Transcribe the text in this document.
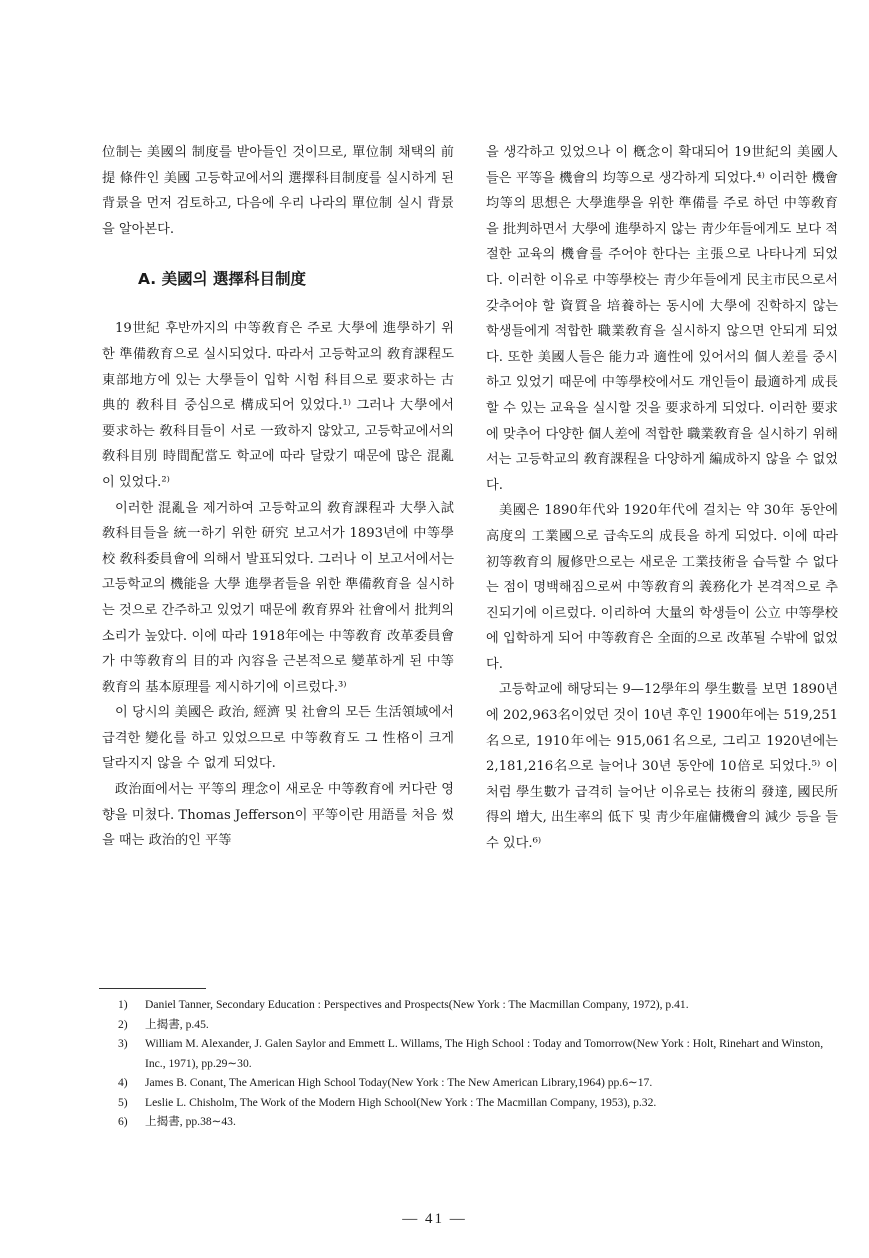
位制는 美國의 制度를 받아들인 것이므로, 單位制 채택의 前提 條件인 美國 고등학교에서의 選擇科目制度를 실시하게 된 背景을 먼저 검토하고, 다음에 우리 나라의 單位制 실시 背景을 알아본다.

A. 美國의 選擇科目制度

19世紀 후반까지의 中等敎育은 주로 大學에 進學하기 위한 準備敎育으로 실시되었다. 따라서 고등학교의 敎育課程도 東部地方에 있는 大學들이 입학 시험 科目으로 要求하는 古典的 敎科目 중심으로 構成되어 있었다.¹⁾ 그러나 大學에서 要求하는 敎科目들이 서로 一致하지 않았고, 고등학교에서의 敎科目別 時間配當도 학교에 따라 달랐기 때문에 많은 混亂이 있었다.²⁾

이러한 混亂을 제거하여 고등학교의 敎育課程과 大學入試 敎科目들을 統一하기 위한 研究 보고서가 1893년에 中等學校 敎科委員會에 의해서 발표되었다. 그러나 이 보고서에서는 고등학교의 機能을 大學 進學者들을 위한 準備敎育을 실시하는 것으로 간주하고 있었기 때문에 敎育界와 社會에서 批判의 소리가 높았다. 이에 따라 1918年에는 中等敎育 改革委員會가 中等敎育의 目的과 內容을 근본적으로 變革하게 된 中等敎育의 基本原理를 제시하기에 이르렀다.³⁾

이 당시의 美國은 政治, 經濟 및 社會의 모든 生活領域에서 급격한 變化를 하고 있었으므로 中等敎育도 그 性格이 크게 달라지지 않을 수 없게 되었다.

政治面에서는 平等의 理念이 새로운 中等敎育에 커다란 영향을 미쳤다. Thomas Jefferson이 平等이란 用語를 처음 썼을 때는 政治的인 平等

을 생각하고 있었으나 이 槪念이 확대되어 19世紀의 美國人들은 平等을 機會의 均等으로 생각하게 되었다.⁴⁾ 이러한 機會均等의 思想은 大學進學을 위한 準備를 주로 하던 中等敎育을 批判하면서 大學에 進學하지 않는 靑少年들에게도 보다 적절한 교육의 機會를 주어야 한다는 主張으로 나타나게 되었다. 이러한 이유로 中等學校는 靑少年들에게 民主市民으로서 갖추어야 할 資質을 培養하는 동시에 大學에 진학하지 않는 학생들에게 적합한 職業敎育을 실시하지 않으면 안되게 되었다. 또한 美國人들은 能力과 適性에 있어서의 個人差를 중시하고 있었기 때문에 中等學校에서도 개인들이 最適하게 成長할 수 있는 교육을 실시할 것을 要求하게 되었다. 이러한 要求에 맞추어 다양한 個人差에 적합한 職業敎育을 실시하기 위해서는 고등학교의 敎育課程을 다양하게 編成하지 않을 수 없었다.

美國은 1890年代와 1920年代에 걸치는 약 30年 동안에 高度의 工業國으로 급속도의 成長을 하게 되었다. 이에 따라 初等敎育의 履修만으로는 새로운 工業技術을 습득할 수 없다는 점이 명백해짐으로써 中等敎育의 義務化가 본격적으로 추진되기에 이르렀다. 이리하여 大量의 학생들이 公立 中等學校에 입학하게 되어 中等敎育은 全面的으로 改革될 수밖에 없었다.

고등학교에 해당되는 9—12學年의 學生數를 보면 1890년에 202,963名이었던 것이 10년 후인 1900年에는 519,251名으로, 1910年에는 915,061名으로, 그리고 1920년에는 2,181,216名으로 늘어나 30년 동안에 10倍로 되었다.⁵⁾ 이처럼 學生數가 급격히 늘어난 이유로는 技術의 發達, 國民所得의 增大, 出生率의 低下 및 靑少年雇傭機會의 減少 등을 들 수 있다.⁶⁾

1)	Daniel Tanner, Secondary Education : Perspectives and Prospects(New York : The Macmillan Company, 1972), p.41.
2)	上揭書, p.45.
3)	William M. Alexander, J. Galen Saylor and Emmett L. Willams, The High School : Today and Tomorrow(New York : Holt, Rinehart and Winston, Inc., 1971), pp.29∼30.
4)	James B. Conant, The American High School Today(New York : The New American Library,1964) pp.6∼17.
5)	Leslie L. Chisholm, The Work of the Modern High School(New York : The Macmillan Company, 1953), p.32.
6)	上揭書, pp.38∼43.
— 41 —
